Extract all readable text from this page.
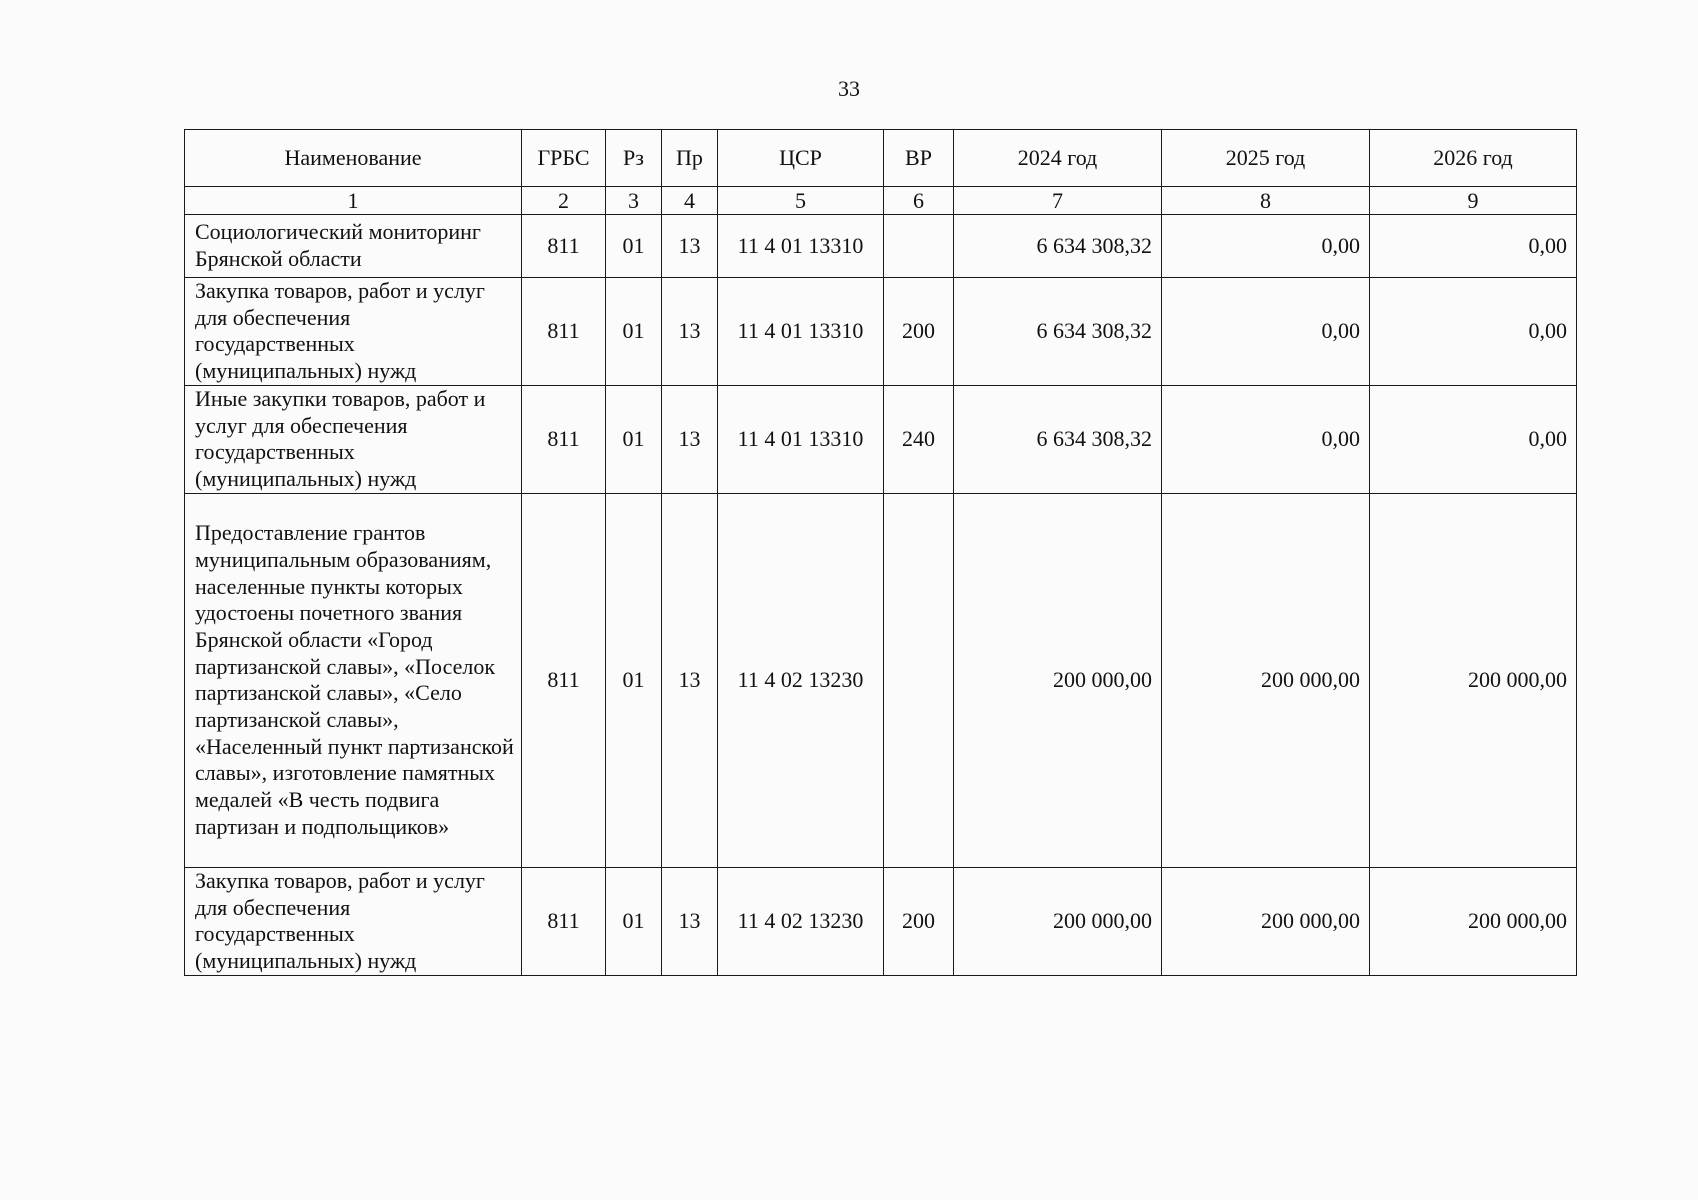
33
Наименование	ГРБС	Рз	Пр	ЦСР	ВР	2024 год	2025 год	2026 год
1	2	3	4	5	6	7	8	9
Социологический мониторинг Брянской области	811	01	13	11 4 01 13310		6 634 308,32	0,00	0,00
Закупка товаров, работ и услуг для обеспечения государственных (муниципальных) нужд	811	01	13	11 4 01 13310	200	6 634 308,32	0,00	0,00
Иные закупки товаров, работ и услуг для обеспечения государственных (муниципальных) нужд	811	01	13	11 4 01 13310	240	6 634 308,32	0,00	0,00
Предоставление грантов муниципальным образованиям, населенные пункты которых удостоены почетного звания Брянской области «Город партизанской славы», «Поселок партизанской славы», «Село партизанской славы», «Населенный пункт партизанской славы», изготовление памятных медалей «В честь подвига партизан и подпольщиков»	811	01	13	11 4 02 13230		200 000,00	200 000,00	200 000,00
Закупка товаров, работ и услуг для обеспечения государственных (муниципальных) нужд	811	01	13	11 4 02 13230	200	200 000,00	200 000,00	200 000,00
